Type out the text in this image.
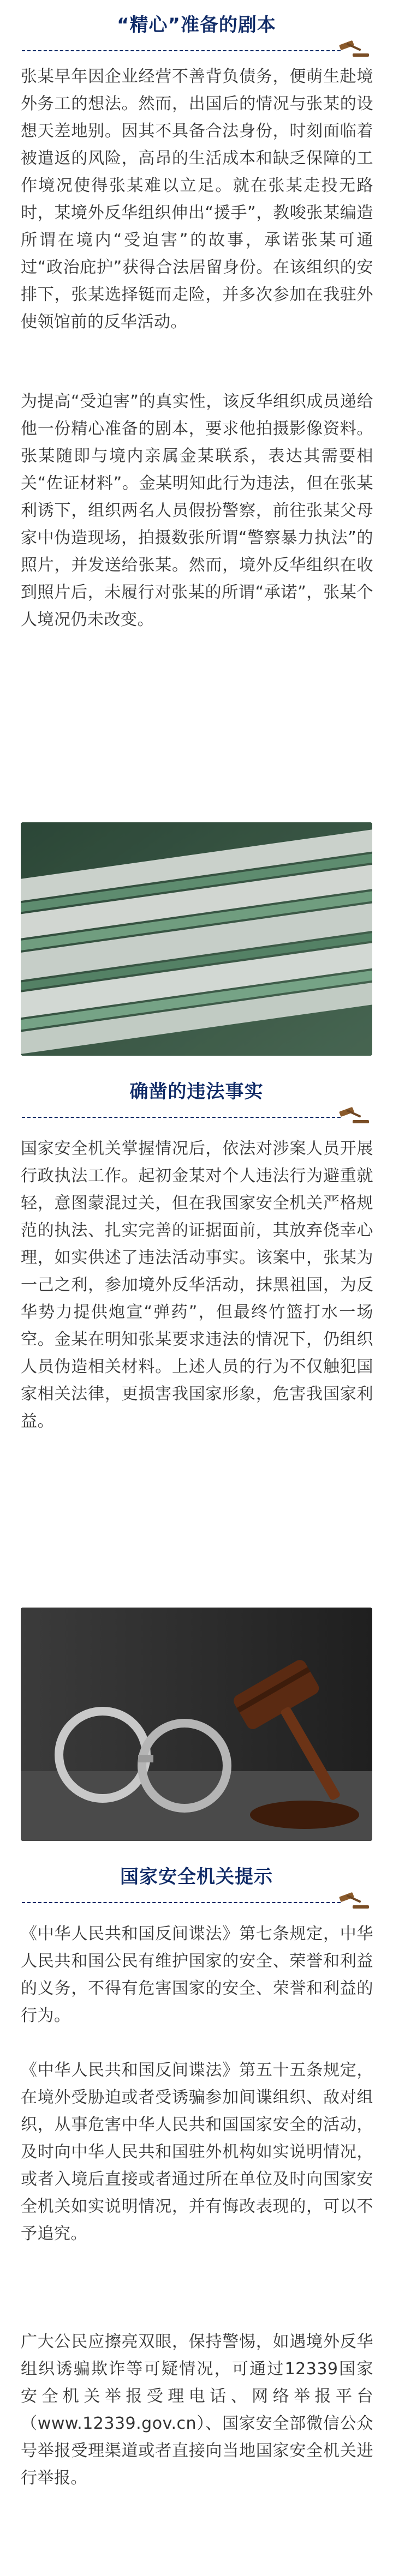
“精心”准备的剧本

张某早年因企业经营不善背负债务，便萌生赴境外务工的想法。然而，出国后的情况与张某的设想天差地别。因其不具备合法身份，时刻面临着被遣返的风险，高昂的生活成本和缺乏保障的工作境况使得张某难以立足。就在张某走投无路时，某境外反华组织伸出“援手”，教唆张某编造所谓在境内“受迫害”的故事，承诺张某可通过“政治庇护”获得合法居留身份。在该组织的安排下，张某选择铤而走险，并多次参加在我驻外使领馆前的反华活动。

为提高“受迫害”的真实性，该反华组织成员递给他一份精心准备的剧本，要求他拍摄影像资料。张某随即与境内亲属金某联系，表达其需要相关“佐证材料”。金某明知此行为违法，但在张某利诱下，组织两名人员假扮警察，前往张某父母家中伪造现场，拍摄数张所谓“警察暴力执法”的照片，并发送给张某。然而，境外反华组织在收到照片后，未履行对张某的所谓“承诺”，张某个人境况仍未改变。

确凿的违法事实

国家安全机关掌握情况后，依法对涉案人员开展行政执法工作。起初金某对个人违法行为避重就轻，意图蒙混过关，但在我国家安全机关严格规范的执法、扎实完善的证据面前，其放弃侥幸心理，如实供述了违法活动事实。该案中，张某为一己之利，参加境外反华活动，抹黑祖国，为反华势力提供炮宣“弹药”，但最终竹篮打水一场空。金某在明知张某要求违法的情况下，仍组织人员伪造相关材料。上述人员的行为不仅触犯国家相关法律，更损害我国家形象，危害我国家利益。

国家安全机关提示

《中华人民共和国反间谍法》第七条规定，中华人民共和国公民有维护国家的安全、荣誉和利益的义务，不得有危害国家的安全、荣誉和利益的行为。

《中华人民共和国反间谍法》第五十五条规定，在境外受胁迫或者受诱骗参加间谍组织、敌对组织，从事危害中华人民共和国国家安全的活动，及时向中华人民共和国驻外机构如实说明情况，或者入境后直接或者通过所在单位及时向国家安全机关如实说明情况，并有悔改表现的，可以不予追究。

广大公民应擦亮双眼，保持警惕，如遇境外反华组织诱骗欺诈等可疑情况，可通过12339国家安全机关举报受理电话、网络举报平台（www.12339.gov.cn）、国家安全部微信公众号举报受理渠道或者直接向当地国家安全机关进行举报。
